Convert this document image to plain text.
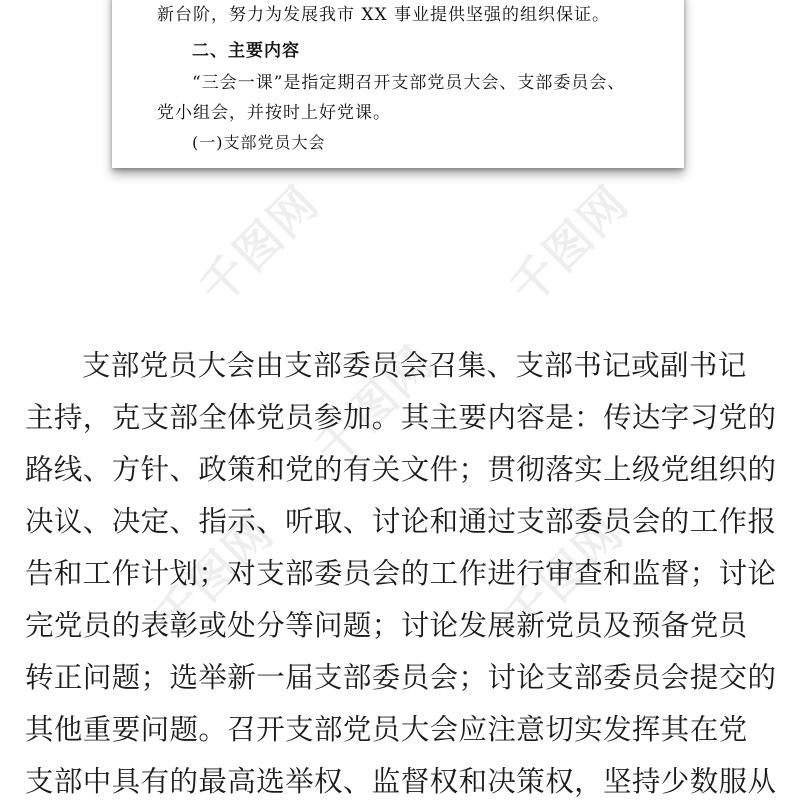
千图网	千图网
千图网
千图网	千图网
新台阶，努力为发展我市 XX 事业提供坚强的组织保证。
二、主要内容
“三会一课”是指定期召开支部党员大会、支部委员会、
党小组会，并按时上好党课。
(一)支部党员大会
支部党员大会由支部委员会召集、支部书记或副书记
主持，克支部全体党员参加。其主要内容是：传达字习党的
路线、方针、政策和党的有关文件；贯彻落实上级党组织的
决议、决定、指示、听取、讨论和通过支部委员会的工作报
告和工作计划；对支部委员会的工作进行审查和监督；讨论
完党员的表彰或处分等问题；讨论发展新党员及预备党员
转正问题；选举新一届支部委员会；讨论支部委员会提交的
其他重要问题。召开支部党员大会应注意切实发挥其在党
支部中具有的最高选举权、监督权和决策权，坚持少数服从
